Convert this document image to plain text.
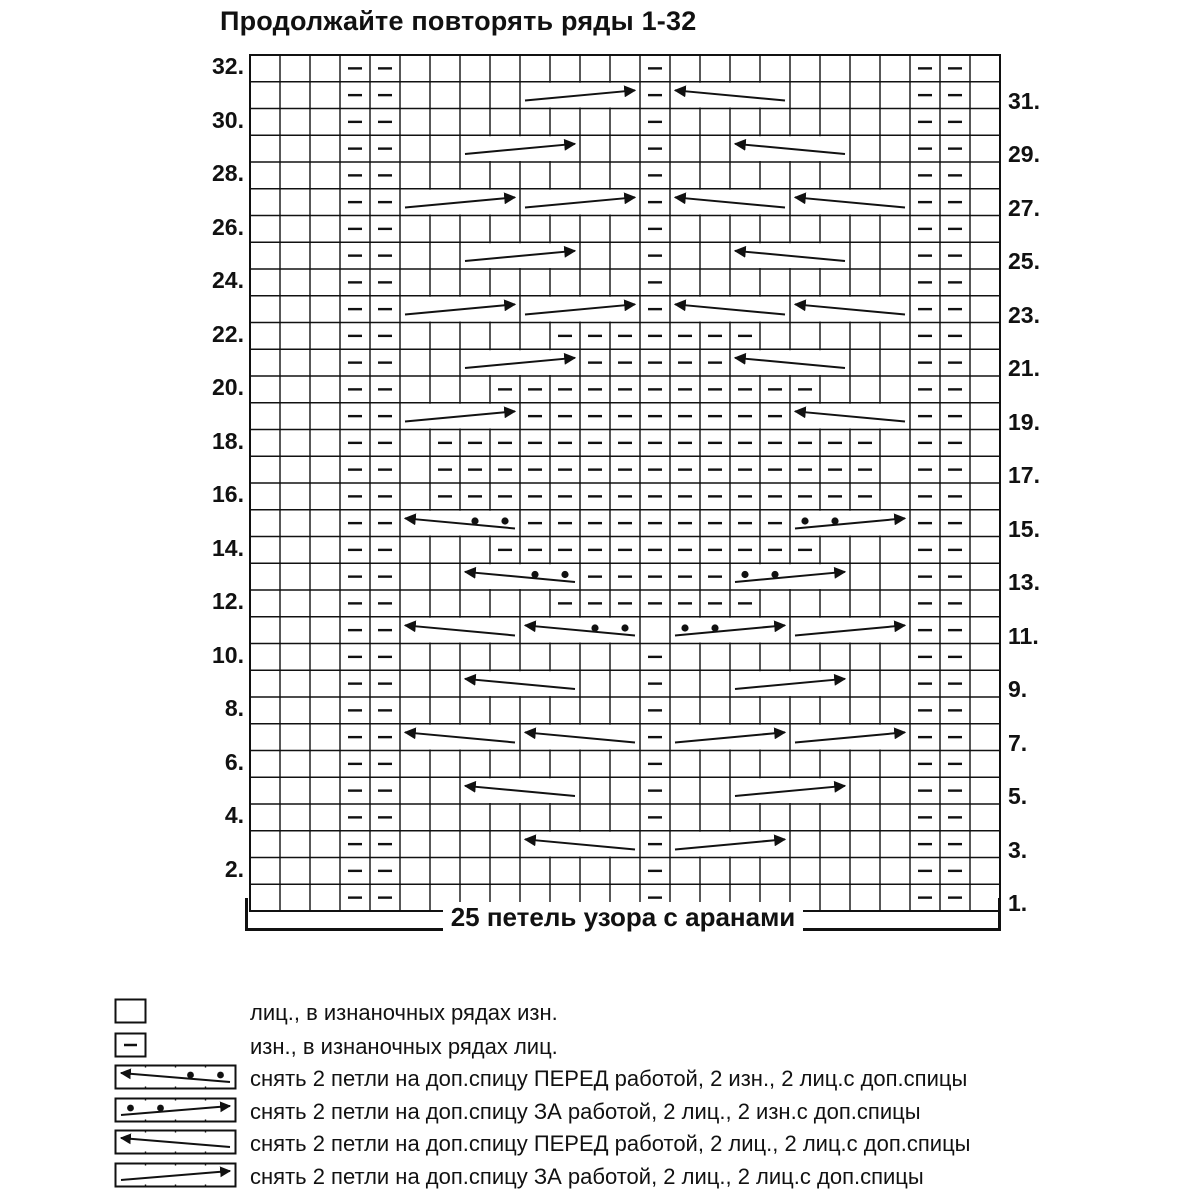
Продолжайте повторять ряды 1-32
32.
30.
28.
26.
24.
22.
20.
18.
16.
14.
12.
10.
8.
6.
4.
2.
31.
29.
27.
25.
23.
21.
19.
17.
15.
13.
11.
9.
7.
5.
3.
1.
25 петель узора с аранами
лиц., в изнаночных рядах изн.
изн., в изнаночных рядах лиц.
снять 2 петли на доп.спицу ПЕРЕД работой, 2 изн., 2 лиц.с доп.спицы
снять 2 петли на доп.спицу ЗА работой, 2 лиц., 2 изн.с доп.спицы
снять 2 петли на доп.спицу ПЕРЕД работой, 2 лиц., 2 лиц.с доп.спицы
снять 2 петли на доп.спицу ЗА работой, 2 лиц., 2 лиц.с доп.спицы
